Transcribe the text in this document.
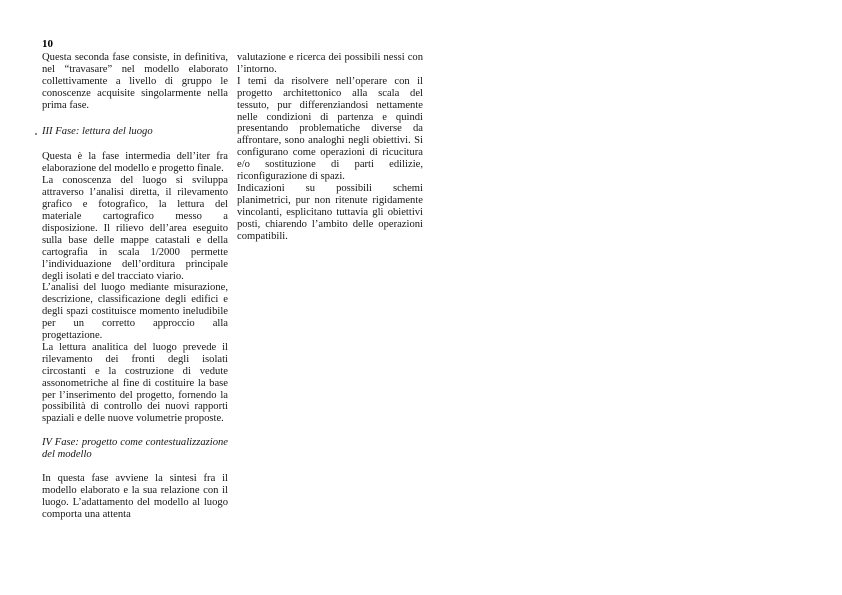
10

Questa seconda fase consiste, in definitiva, nel “travasare” nel modello elaborato collettivamente a livello di gruppo le conoscenze acquisite singolarmente nella prima fase.

III Fase: lettura del luogo

Questa è la fase intermedia dell’iter fra elaborazione del modello e progetto finale.

La conoscenza del luogo si sviluppa attraverso l’analisi diretta, il rilevamento grafico e fotografico, la lettura del materiale cartografico messo a disposizione. Il rilievo dell’area eseguito sulla base delle mappe catastali e della cartografia in scala 1/2000 permette l’individuazione dell’orditura principale degli isolati e del tracciato viario.

L’analisi del luogo mediante misurazione, descrizione, classificazione degli edifici e degli spazi costituisce momento ineludibile per un corretto approccio alla progettazione.

La lettura analitica del luogo prevede il rilevamento dei fronti degli isolati circostanti e la costruzione di vedute assonometriche al fine di costituire la base per l’inserimento del progetto, fornendo la possibilità di controllo dei nuovi rapporti spaziali e delle nuove volumetrie proposte.

IV Fase: progetto come contestualizzazione del modello

In questa fase avviene la sintesi fra il modello elaborato e la sua relazione con il luogo. L’adattamento del modello al luogo comporta una attenta

valutazione e ricerca dei possibili nessi con l’intorno.

I temi da risolvere nell’operare con il progetto architettonico alla scala del tessuto, pur differenziandosi nettamente nelle condizioni di partenza e quindi presentando problematiche diverse da affrontare, sono analoghi negli obiettivi. Si configurano come operazioni di ricucitura e/o sostituzione di parti edilizie, riconfigurazione di spazi.

Indicazioni su possibili schemi planimetrici, pur non ritenute rigidamente vincolanti, esplicitano tuttavia gli obiettivi posti, chiarendo l’ambito delle operazioni compatibili.
